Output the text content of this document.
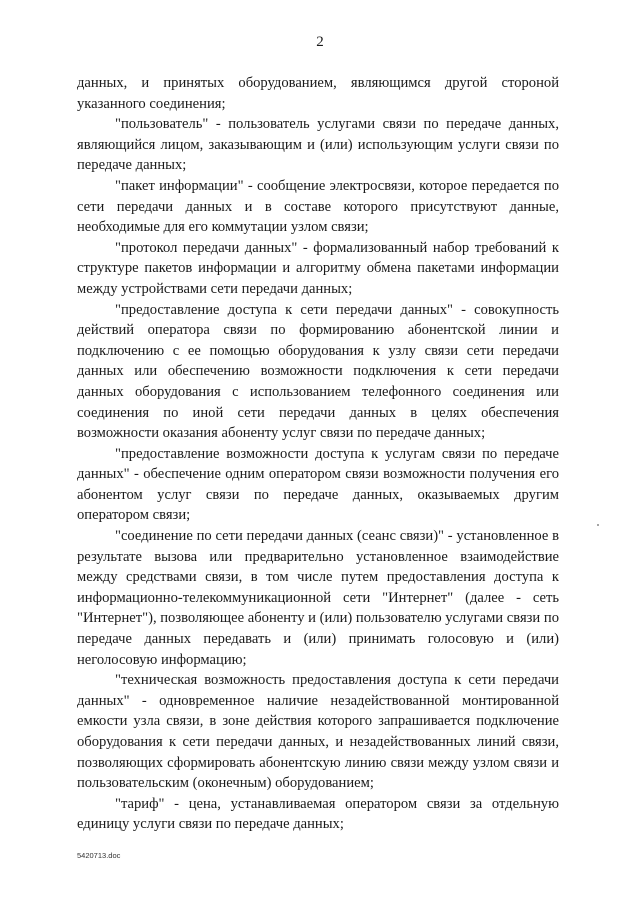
2

данных, и принятых оборудованием, являющимся другой стороной указанного соединения;

"пользователь" - пользователь услугами связи по передаче данных, являющийся лицом, заказывающим и (или) использующим услуги связи по передаче данных;

"пакет информации" - сообщение электросвязи, которое передается по сети передачи данных и в составе которого присутствуют данные, необходимые для его коммутации узлом связи;

"протокол передачи данных" - формализованный набор требований к структуре пакетов информации и алгоритму обмена пакетами информации между устройствами сети передачи данных;

"предоставление доступа к сети передачи данных" - совокупность действий оператора связи по формированию абонентской линии и подключению с ее помощью оборудования к узлу связи сети передачи данных или обеспечению возможности подключения к сети передачи данных оборудования с использованием телефонного соединения или соединения по иной сети передачи данных в целях обеспечения возможности оказания абоненту услуг связи по передаче данных;

"предоставление возможности доступа к услугам связи по передаче данных" - обеспечение одним оператором связи возможности получения его абонентом услуг связи по передаче данных, оказываемых другим оператором связи;

"соединение по сети передачи данных (сеанс связи)" - установленное в результате вызова или предварительно установленное взаимодействие между средствами связи, в том числе путем предоставления доступа к информационно-телекоммуникационной сети "Интернет" (далее - сеть "Интернет"), позволяющее абоненту и (или) пользователю услугами связи по передаче данных передавать и (или) принимать голосовую и (или) неголосовую информацию;

"техническая возможность предоставления доступа к сети передачи данных" - одновременное наличие незадействованной монтированной емкости узла связи, в зоне действия которого запрашивается подключение оборудования к сети передачи данных, и незадействованных линий связи, позволяющих сформировать абонентскую линию связи между узлом связи и пользовательским (оконечным) оборудованием;

"тариф" - цена, устанавливаемая оператором связи за отдельную единицу услуги связи по передаче данных;

5420713.doc
